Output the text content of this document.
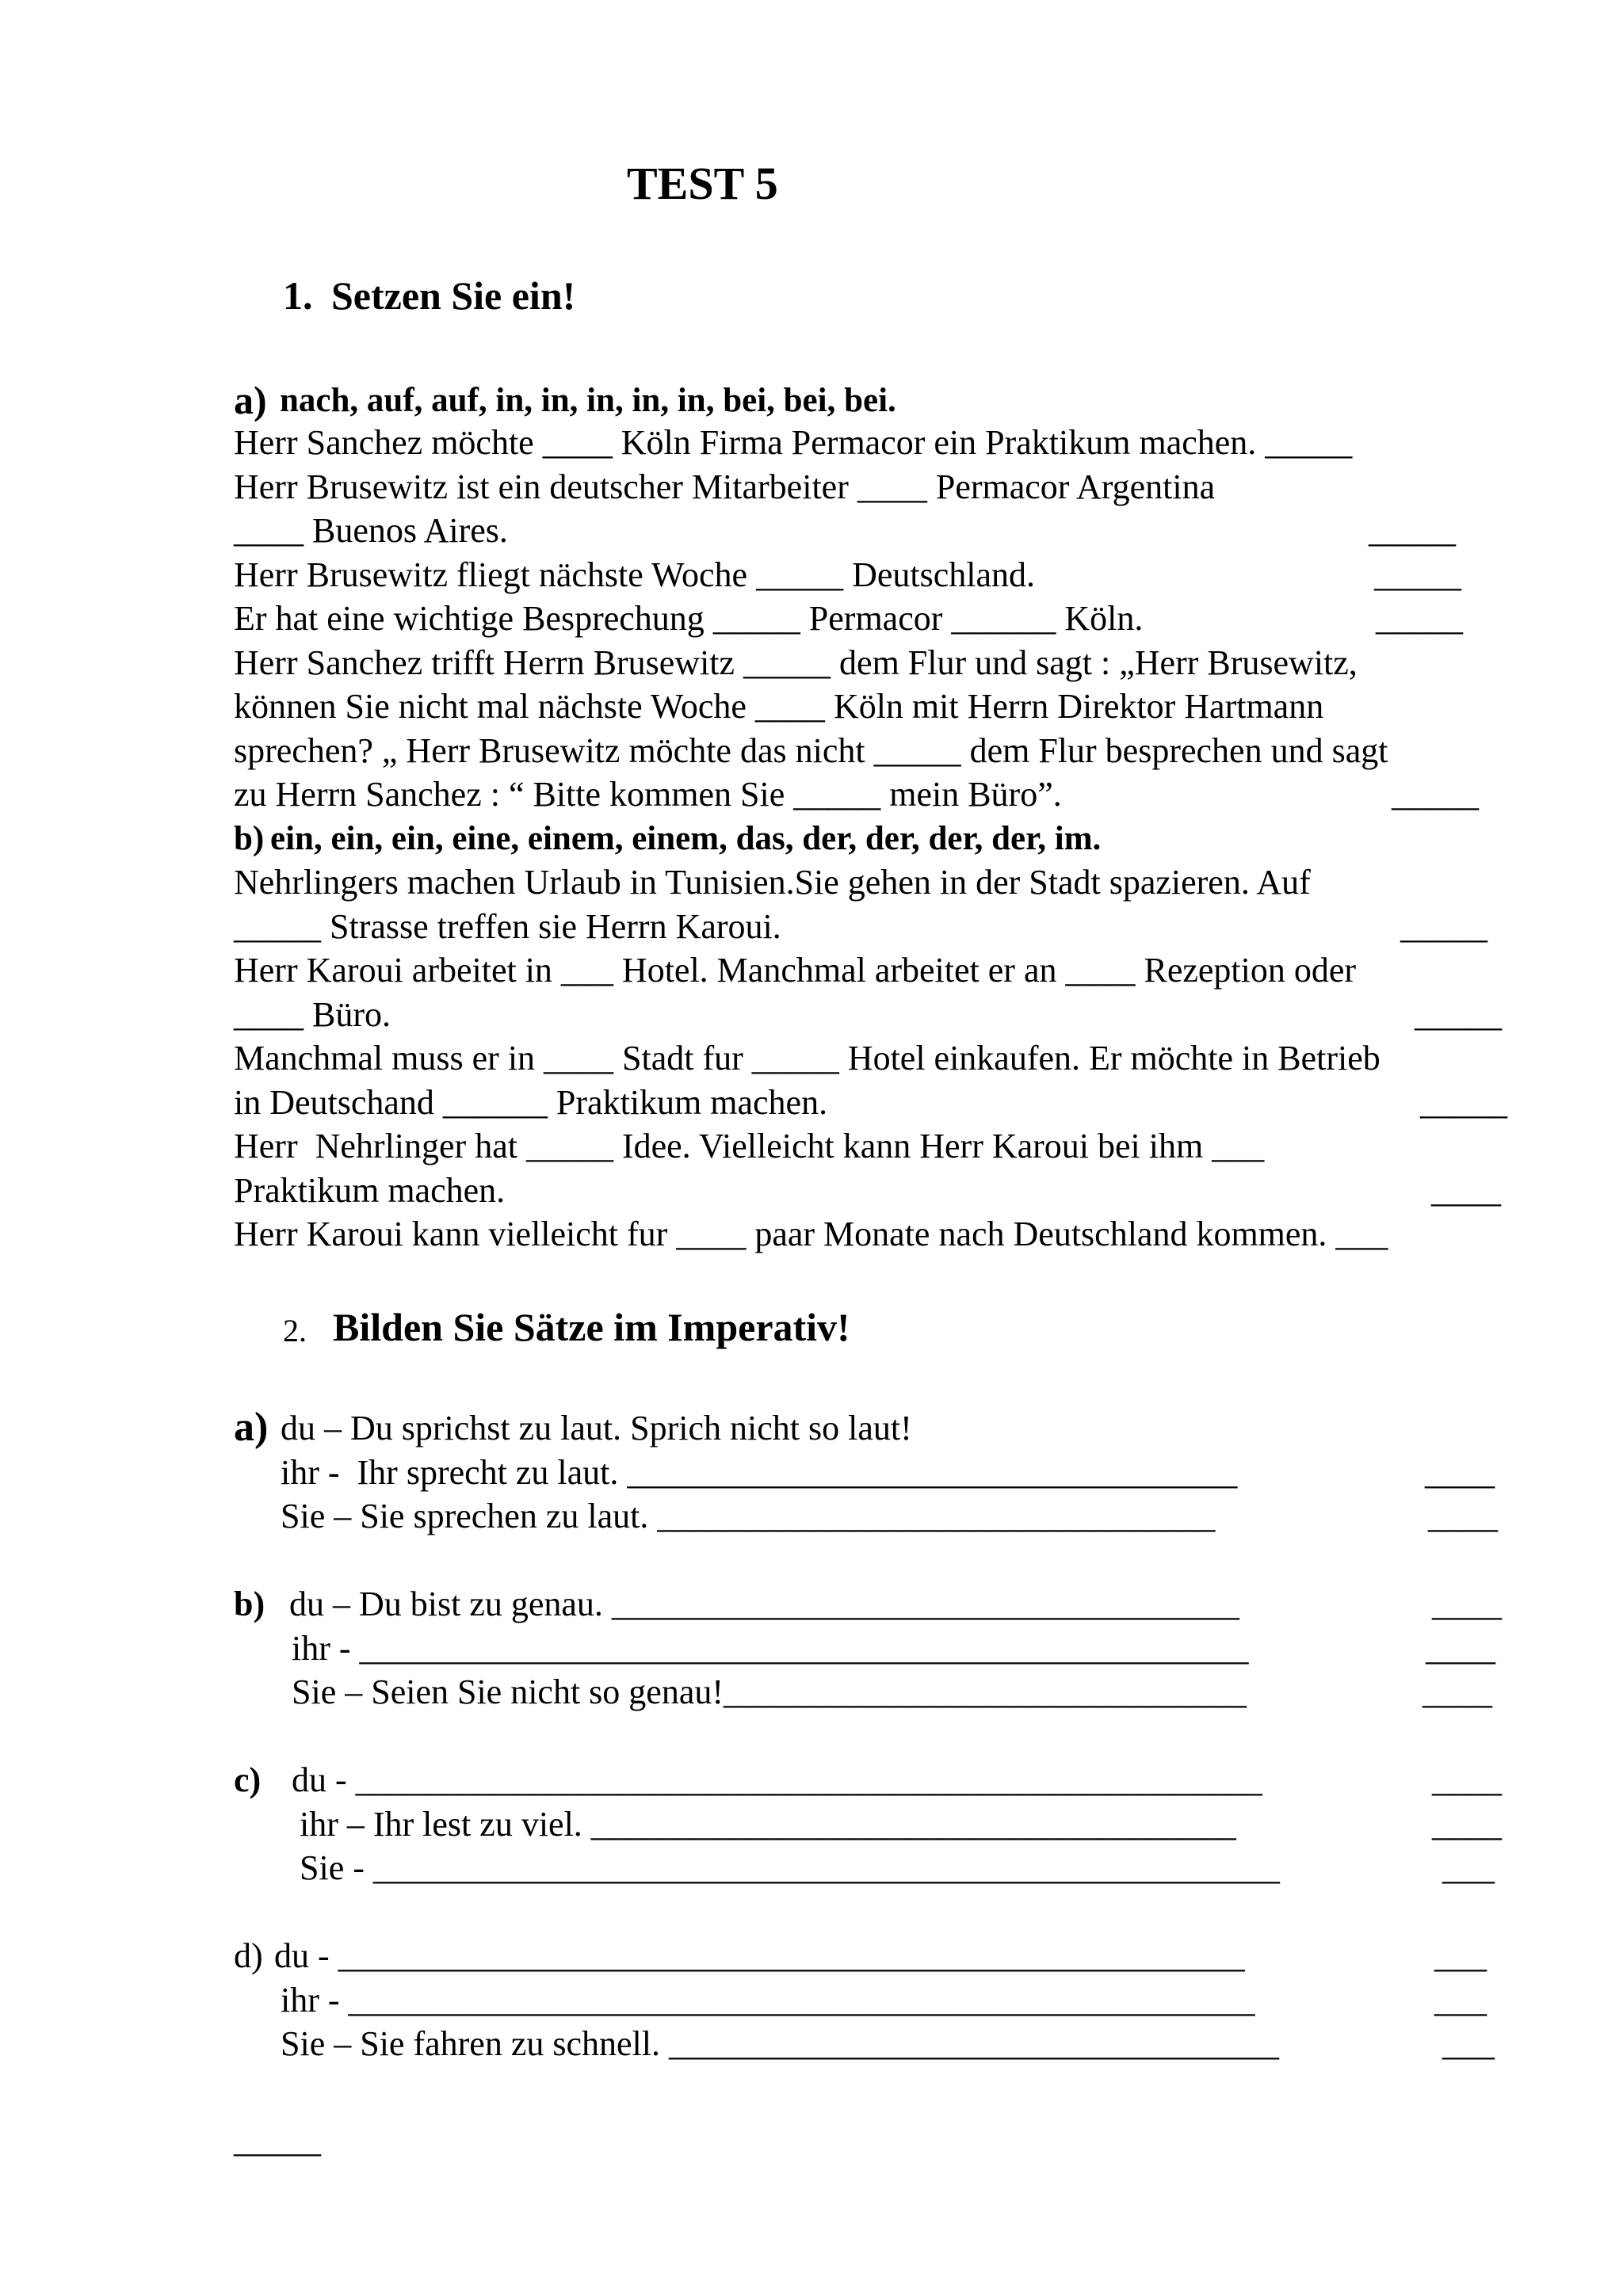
TEST 5
1. Setzen Sie ein!
a) nach, auf, auf, in, in, in, in, in, bei, bei, bei.
Herr Sanchez möchte ____ Köln Firma Permacor ein Praktikum machen. _____
Herr Brusewitz ist ein deutscher Mitarbeiter ____ Permacor Argentina
____ Buenos Aires.	_____
Herr Brusewitz fliegt nächste Woche _____ Deutschland.	_____
Er hat eine wichtige Besprechung _____ Permacor ______ Köln.	_____
Herr Sanchez trifft Herrn Brusewitz _____ dem Flur und sagt : „Herr Brusewitz,
können Sie nicht mal nächste Woche ____ Köln mit Herrn Direktor Hartmann
sprechen? „ Herr Brusewitz möchte das nicht _____ dem Flur besprechen und sagt
zu Herrn Sanchez : “ Bitte kommen Sie _____ mein Büro”.	_____
b) ein, ein, ein, eine, einem, einem, das, der, der, der, der, im.
Nehrlingers machen Urlaub in Tunisien.Sie gehen in der Stadt spazieren. Auf
_____ Strasse treffen sie Herrn Karoui.	_____
Herr Karoui arbeitet in ___ Hotel. Manchmal arbeitet er an ____ Rezeption oder
____ Büro.	_____
Manchmal muss er in ____ Stadt fur _____ Hotel einkaufen. Er möchte in Betrieb
in Deutschand ______ Praktikum machen.	_____
Herr  Nehrlinger hat _____ Idee. Vielleicht kann Herr Karoui bei ihm ___
Praktikum machen.	____
Herr Karoui kann vielleicht fur ____ paar Monate nach Deutschland kommen. ___
2. Bilden Sie Sätze im Imperativ!
a) du – Du sprichst zu laut. Sprich nicht so laut!
ihr -  Ihr sprecht zu laut. ___________________________________	____
Sie – Sie sprechen zu laut. ________________________________	____
b) du – Du bist zu genau. ____________________________________	____
ihr - ___________________________________________________	____
Sie – Seien Sie nicht so genau!______________________________	____
c) du - ____________________________________________________	____
ihr – Ihr lest zu viel. _____________________________________	____
Sie - ____________________________________________________	___
d) du - ____________________________________________________	___
ihr - ____________________________________________________	___
Sie – Sie fahren zu schnell. ___________________________________	___
_____
